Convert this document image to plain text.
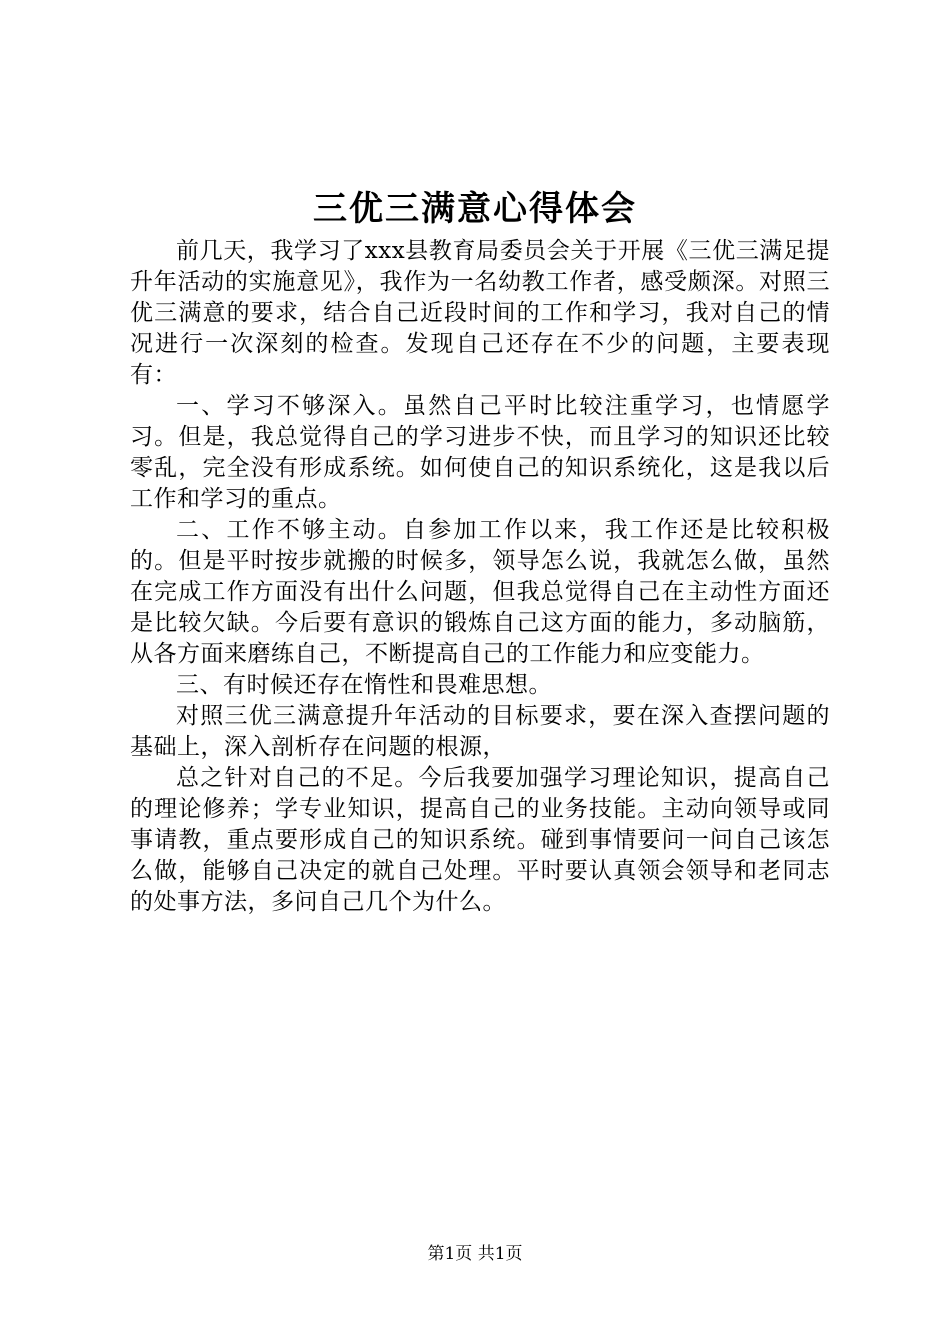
三优三满意心得体会

前几天，我学习了xxx县教育局委员会关于开展《三优三满足提升年活动的实施意见》，我作为一名幼教工作者，感受颇深。对照三优三满意的要求，结合自己近段时间的工作和学习，我对自己的情况进行一次深刻的检查。发现自己还存在不少的问题，主要表现有：

一、学习不够深入。虽然自己平时比较注重学习，也情愿学习。但是，我总觉得自己的学习进步不快，而且学习的知识还比较零乱，完全没有形成系统。如何使自己的知识系统化，这是我以后工作和学习的重点。

二、工作不够主动。自参加工作以来，我工作还是比较积极的。但是平时按步就搬的时候多，领导怎么说，我就怎么做，虽然在完成工作方面没有出什么问题，但我总觉得自己在主动性方面还是比较欠缺。今后要有意识的锻炼自己这方面的能力，多动脑筋，从各方面来磨练自己，不断提高自己的工作能力和应变能力。

三、有时候还存在惰性和畏难思想。

对照三优三满意提升年活动的目标要求，要在深入查摆问题的基础上，深入剖析存在问题的根源，

总之针对自己的不足。今后我要加强学习理论知识，提高自己的理论修养；学专业知识，提高自己的业务技能。主动向领导或同事请教，重点要形成自己的知识系统。碰到事情要问一问自己该怎么做，能够自己决定的就自己处理。平时要认真领会领导和老同志的处事方法，多问自己几个为什么。

第1页 共1页
